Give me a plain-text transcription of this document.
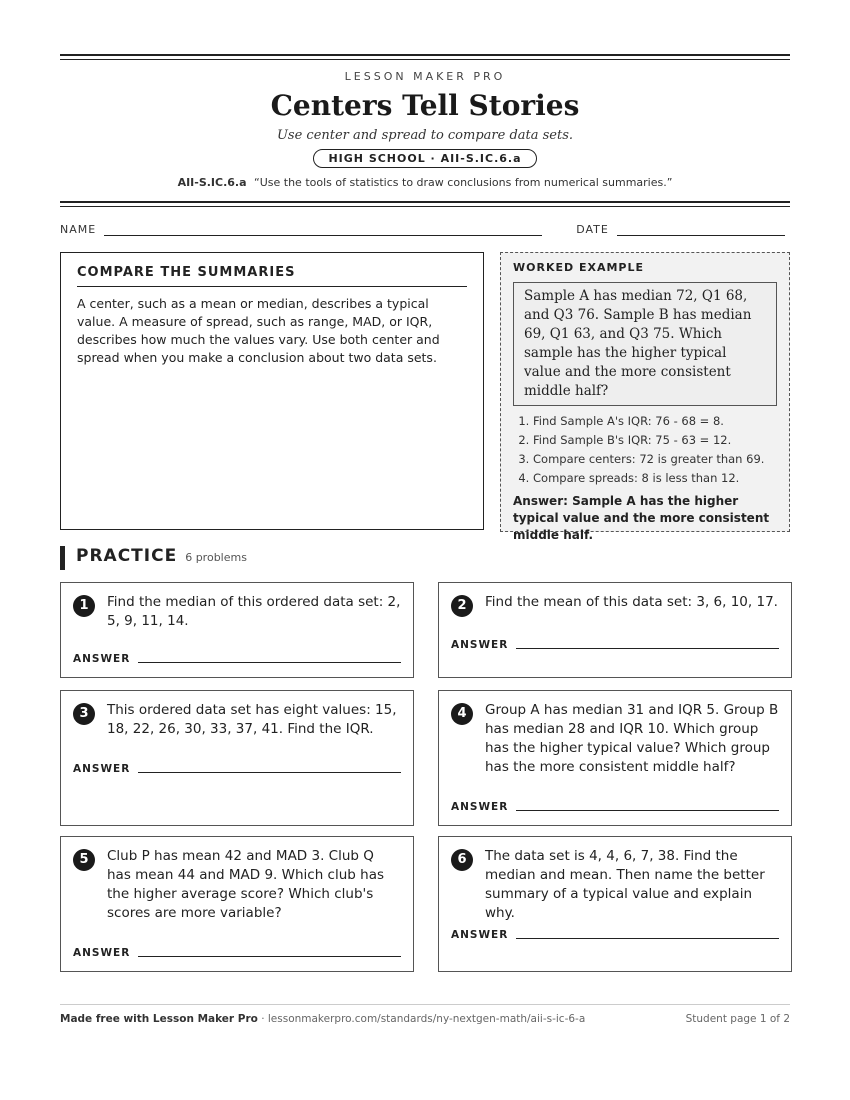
LESSON MAKER PRO
Centers Tell Stories
Use center and spread to compare data sets.
HIGH SCHOOL · AII-S.IC.6.a
AII-S.IC.6.a “Use the tools of statistics to draw conclusions from numerical summaries.”
NAME	DATE
COMPARE THE SUMMARIES
A center, such as a mean or median, describes a typical value. A measure of spread, such as range, MAD, or IQR, describes how much the values vary. Use both center and spread when you make a conclusion about two data sets.
WORKED EXAMPLE
Sample A has median 72, Q1 68, and Q3 76. Sample B has median 69, Q1 63, and Q3 75. Which sample has the higher typical value and the more consistent middle half?
1. Find Sample A's IQR: 76 - 68 = 8.
2. Find Sample B's IQR: 75 - 63 = 12.
3. Compare centers: 72 is greater than 69.
4. Compare spreads: 8 is less than 12.
Answer: Sample A has the higher typical value and the more consistent middle half.
PRACTICE 6 problems
1	Find the median of this ordered data set: 2, 5, 9, 11, 14.
ANSWER
2	Find the mean of this data set: 3, 6, 10, 17.
ANSWER
3	This ordered data set has eight values: 15, 18, 22, 26, 30, 33, 37, 41. Find the IQR.
ANSWER
4	Group A has median 31 and IQR 5. Group B has median 28 and IQR 10. Which group has the higher typical value? Which group has the more consistent middle half?
ANSWER
5	Club P has mean 42 and MAD 3. Club Q has mean 44 and MAD 9. Which club has the higher average score? Which club's scores are more variable?
ANSWER
6	The data set is 4, 4, 6, 7, 38. Find the median and mean. Then name the better summary of a typical value and explain why.
ANSWER
Made free with Lesson Maker Pro · lessonmakerpro.com/standards/ny-nextgen-math/aii-s-ic-6-a	Student page 1 of 2
